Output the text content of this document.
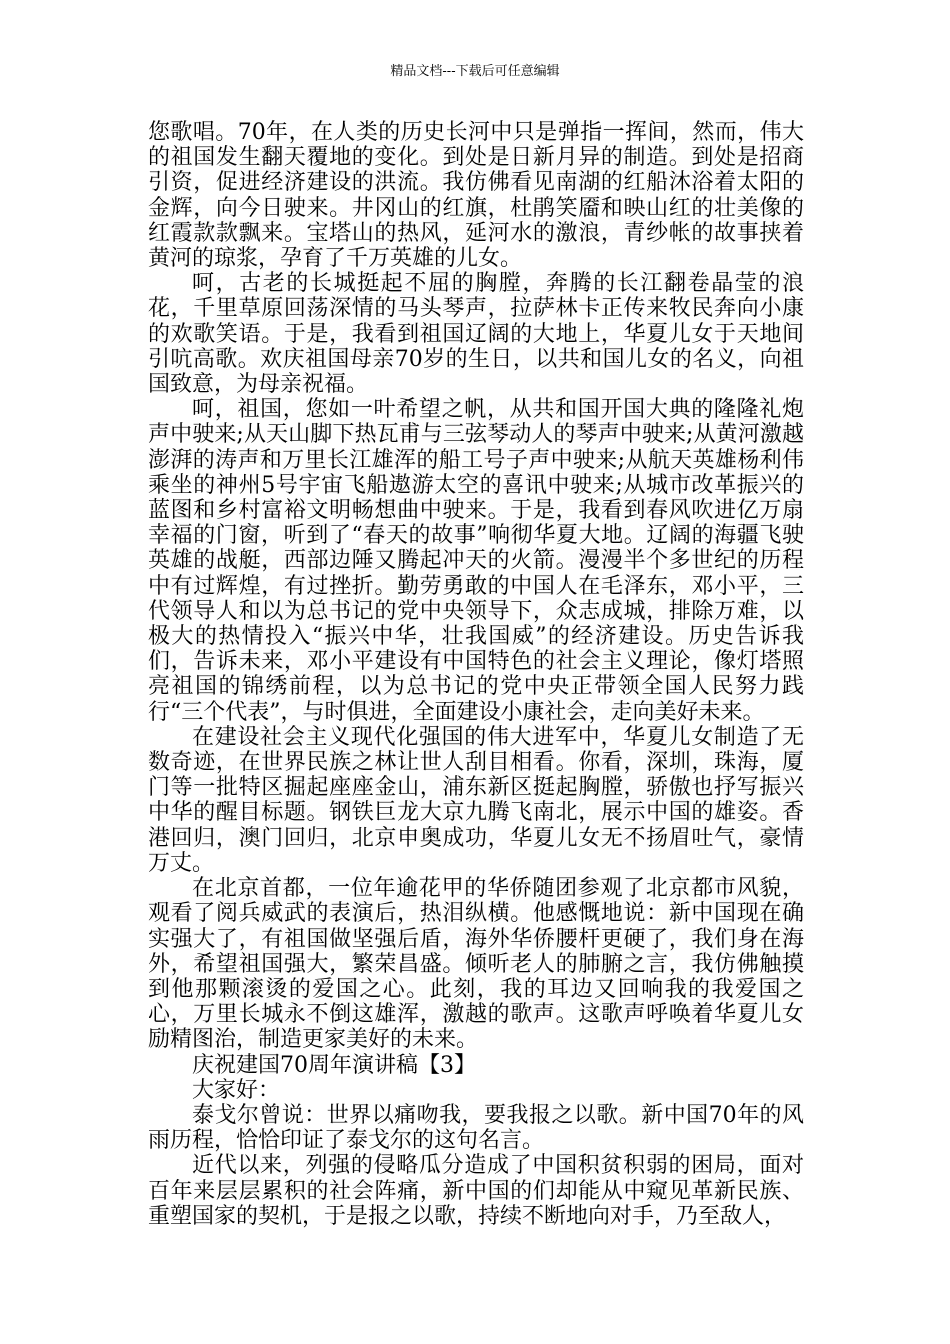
精品文档---下载后可任意编辑

您歌唱。70年，在人类的历史长河中只是弹指一挥间，然而，伟大的祖国发生翻天覆地的变化。到处是日新月异的制造。到处是招商引资，促进经济建设的洪流。我仿佛看见南湖的红船沐浴着太阳的金辉，向今日驶来。井冈山的红旗，杜鹃笑靥和映山红的壮美像的红霞款款飘来。宝塔山的热风，延河水的激浪，青纱帐的故事挟着黄河的琼浆，孕育了千万英雄的儿女。

呵，古老的长城挺起不屈的胸膛，奔腾的长江翻卷晶莹的浪花，千里草原回荡深情的马头琴声，拉萨林卡正传来牧民奔向小康的欢歌笑语。于是，我看到祖国辽阔的大地上，华夏儿女于天地间引吭高歌。欢庆祖国母亲70岁的生日，以共和国儿女的名义，向祖国致意，为母亲祝福。

呵，祖国，您如一叶希望之帆，从共和国开国大典的隆隆礼炮声中驶来;从天山脚下热瓦甫与三弦琴动人的琴声中驶来;从黄河激越澎湃的涛声和万里长江雄浑的船工号子声中驶来;从航天英雄杨利伟乘坐的神州5号宇宙飞船遨游太空的喜讯中驶来;从城市改革振兴的蓝图和乡村富裕文明畅想曲中驶来。于是，我看到春风吹进亿万扇幸福的门窗，听到了“春天的故事”响彻华夏大地。辽阔的海疆飞驶英雄的战艇，西部边陲又腾起冲天的火箭。漫漫半个多世纪的历程中有过辉煌，有过挫折。勤劳勇敢的中国人在毛泽东，邓小平，三代领导人和以为总书记的党中央领导下，众志成城，排除万难，以极大的热情投入“振兴中华，壮我国威”的经济建设。历史告诉我们，告诉未来，邓小平建设有中国特色的社会主义理论，像灯塔照亮祖国的锦绣前程，以为总书记的党中央正带领全国人民努力践行“三个代表”，与时俱进，全面建设小康社会，走向美好未来。

在建设社会主义现代化强国的伟大进军中，华夏儿女制造了无数奇迹，在世界民族之林让世人刮目相看。你看，深圳，珠海，厦门等一批特区掘起座座金山，浦东新区挺起胸膛，骄傲也抒写振兴中华的醒目标题。钢铁巨龙大京九腾飞南北，展示中国的雄姿。香港回归，澳门回归，北京申奥成功，华夏儿女无不扬眉吐气，豪情万丈。

在北京首都，一位年逾花甲的华侨随团参观了北京都市风貌，观看了阅兵威武的表演后，热泪纵横。他感慨地说：新中国现在确实强大了，有祖国做坚强后盾，海外华侨腰杆更硬了，我们身在海外，希望祖国强大，繁荣昌盛。倾听老人的肺腑之言，我仿佛触摸到他那颗滚烫的爱国之心。此刻，我的耳边又回响我的我爱国之心，万里长城永不倒这雄浑，激越的歌声。这歌声呼唤着华夏儿女励精图治，制造更家美好的未来。

庆祝建国70周年演讲稿【3】

大家好：

泰戈尔曾说：世界以痛吻我，要我报之以歌。新中国70年的风雨历程，恰恰印证了泰戈尔的这句名言。

近代以来，列强的侵略瓜分造成了中国积贫积弱的困局，面对百年来层层累积的社会阵痛，新中国的们却能从中窥见革新民族、重塑国家的契机，于是报之以歌，持续不断地向对手，乃至敌人，
